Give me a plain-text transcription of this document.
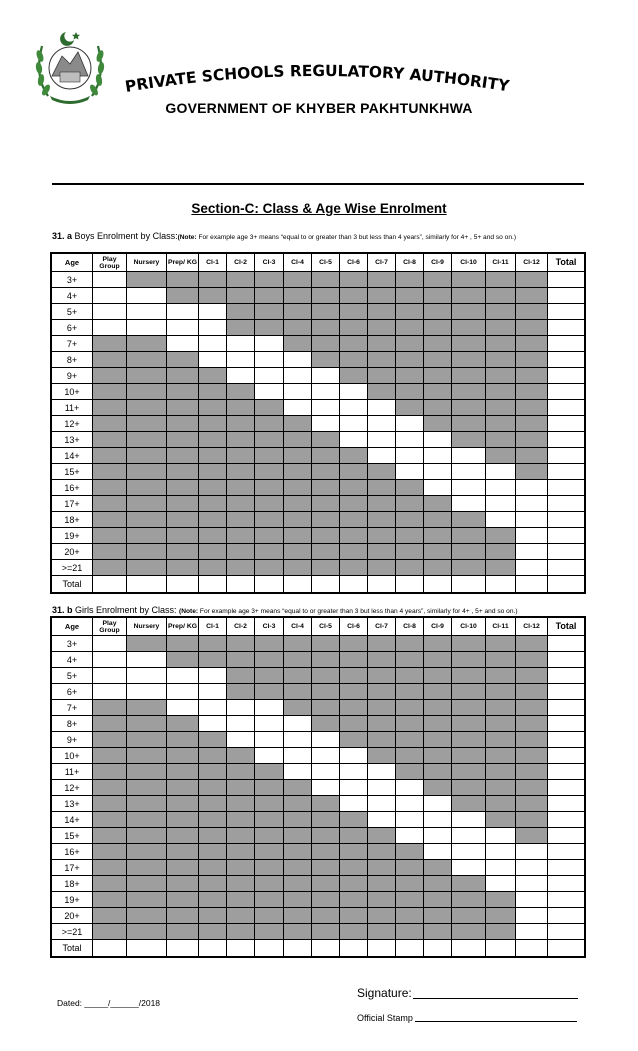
PRIVATE SCHOOLS REGULATORY AUTHORITY
GOVERNMENT OF KHYBER PAKHTUNKHWA
Section-C: Class & Age Wise Enrolment
31. a Boys Enrolment by Class:(Note: For example age 3+ means “equal to or greater than 3 but less than 4 years”, similarly for 4+ , 5+ and so on.)
Age	Play Group	Nursery	Prep/ KG	Cl-1	Cl-2	Cl-3	Cl-4	Cl-5	Cl-6	Cl-7	Cl-8	Cl-9	Cl-10	Cl-11	Cl-12	Total
3+																
4+																
5+																
6+																
7+																
8+																
9+																
10+																
11+																
12+																
13+																
14+																
15+																
16+																
17+																
18+																
19+																
20+																
>=21																
Total																
31. b Girls Enrolment by Class: (Note: For example age 3+ means “equal to or greater than 3 but less than 4 years”, similarly for 4+ , 5+ and so on.)
Age	Play Group	Nursery	Prep/ KG	Cl-1	Cl-2	Cl-3	Cl-4	Cl-5	Cl-6	Cl-7	Cl-8	Cl-9	Cl-10	Cl-11	Cl-12	Total
3+																
4+																
5+																
6+																
7+																
8+																
9+																
10+																
11+																
12+																
13+																
14+																
15+																
16+																
17+																
18+																
19+																
20+																
>=21																
Total																
Signature:
Official Stamp
Dated: _____/______/2018
